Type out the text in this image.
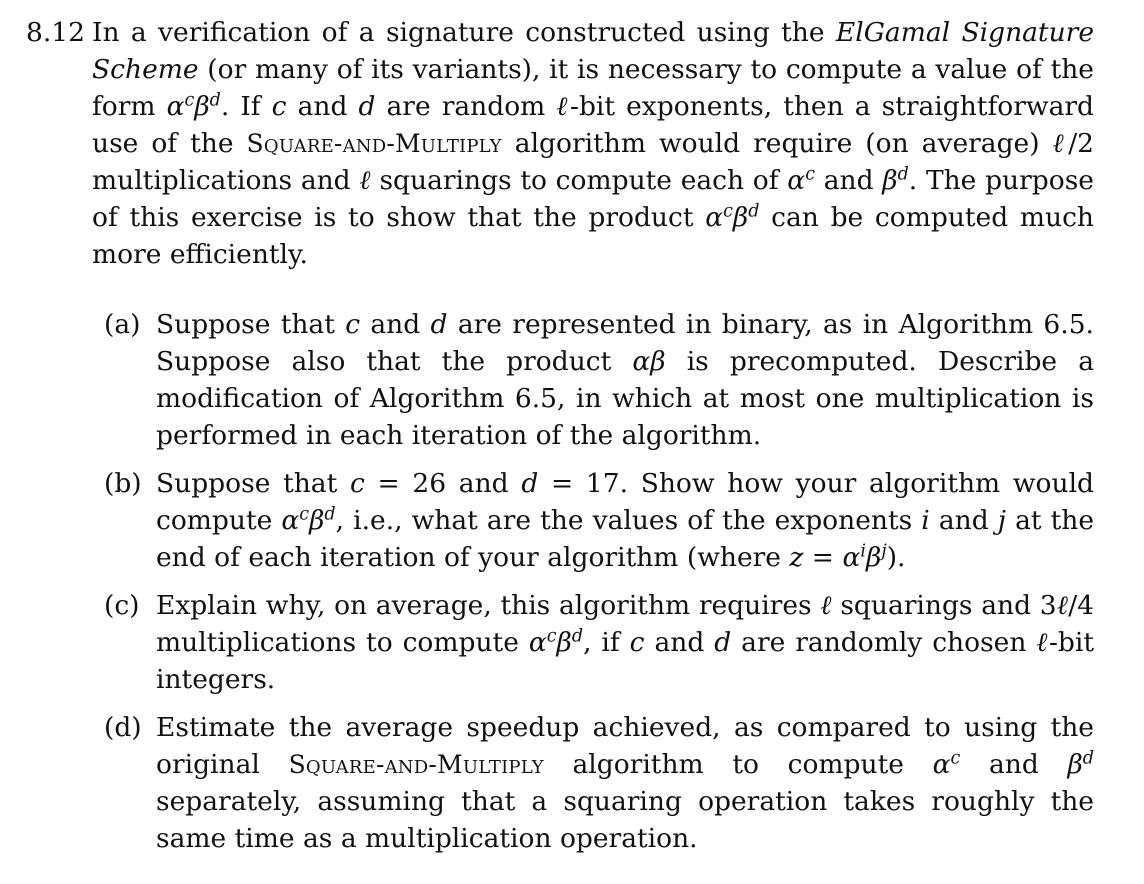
8.12 In a verification of a signature constructed using the ElGamal Signature Scheme (or many of its variants), it is necessary to compute a value of the form $\alpha^c\beta^d$. If c and d are random ℓ-bit exponents, then a straightforward use of the Square-and-Multiply algorithm would require (on average) ℓ/2 multiplications and ℓ squarings to compute each of $\alpha^c$ and $\beta^d$. The purpose of this exercise is to show that the product $\alpha^c\beta^d$ can be computed much more efficiently.
(a) Suppose that c and d are represented in binary, as in Algorithm 6.5. Suppose also that the product αβ is precomputed. Describe a modification of Algorithm 6.5, in which at most one multiplication is performed in each iteration of the algorithm.
(b) Suppose that c = 26 and d = 17. Show how your algorithm would compute $\alpha^c\beta^d$, i.e., what are the values of the exponents i and j at the end of each iteration of your algorithm (where $z = \alpha^i\beta^j$).
(c) Explain why, on average, this algorithm requires ℓ squarings and 3ℓ/4 multiplications to compute $\alpha^c\beta^d$, if c and d are randomly chosen ℓ-bit integers.
(d) Estimate the average speedup achieved, as compared to using the original Square-and-Multiply algorithm to compute $\alpha^c$ and $\beta^d$ separately, assuming that a squaring operation takes roughly the same time as a multiplication operation.
